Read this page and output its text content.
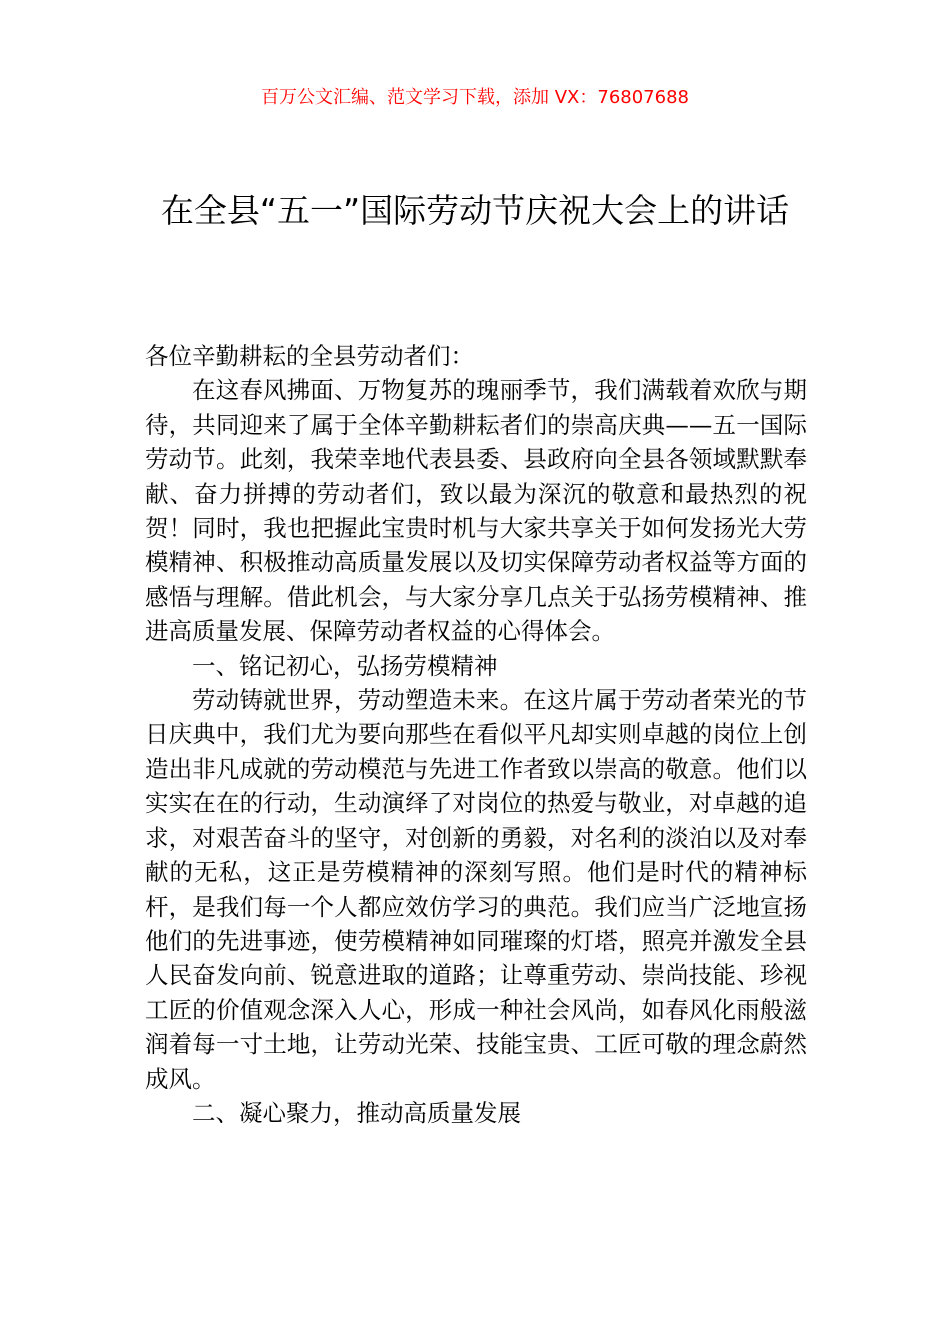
百万公文汇编、范文学习下载，添加 VX：76807688
在全县“五一”国际劳动节庆祝大会上的讲话

各位辛勤耕耘的全县劳动者们：

在这春风拂面、万物复苏的瑰丽季节，我们满载着欢欣与期待，共同迎来了属于全体辛勤耕耘者们的崇高庆典——五一国际劳动节。此刻，我荣幸地代表县委、县政府向全县各领域默默奉献、奋力拼搏的劳动者们，致以最为深沉的敬意和最热烈的祝贺！同时，我也把握此宝贵时机与大家共享关于如何发扬光大劳模精神、积极推动高质量发展以及切实保障劳动者权益等方面的感悟与理解。借此机会，与大家分享几点关于弘扬劳模精神、推进高质量发展、保障劳动者权益的心得体会。

一、铭记初心，弘扬劳模精神

劳动铸就世界，劳动塑造未来。在这片属于劳动者荣光的节日庆典中，我们尤为要向那些在看似平凡却实则卓越的岗位上创造出非凡成就的劳动模范与先进工作者致以崇高的敬意。他们以实实在在的行动，生动演绎了对岗位的热爱与敬业，对卓越的追求，对艰苦奋斗的坚守，对创新的勇毅，对名利的淡泊以及对奉献的无私，这正是劳模精神的深刻写照。他们是时代的精神标杆，是我们每一个人都应效仿学习的典范。我们应当广泛地宣扬他们的先进事迹，使劳模精神如同璀璨的灯塔，照亮并激发全县人民奋发向前、锐意进取的道路；让尊重劳动、崇尚技能、珍视工匠的价值观念深入人心，形成一种社会风尚，如春风化雨般滋润着每一寸土地，让劳动光荣、技能宝贵、工匠可敬的理念蔚然成风。

二、凝心聚力，推动高质量发展
